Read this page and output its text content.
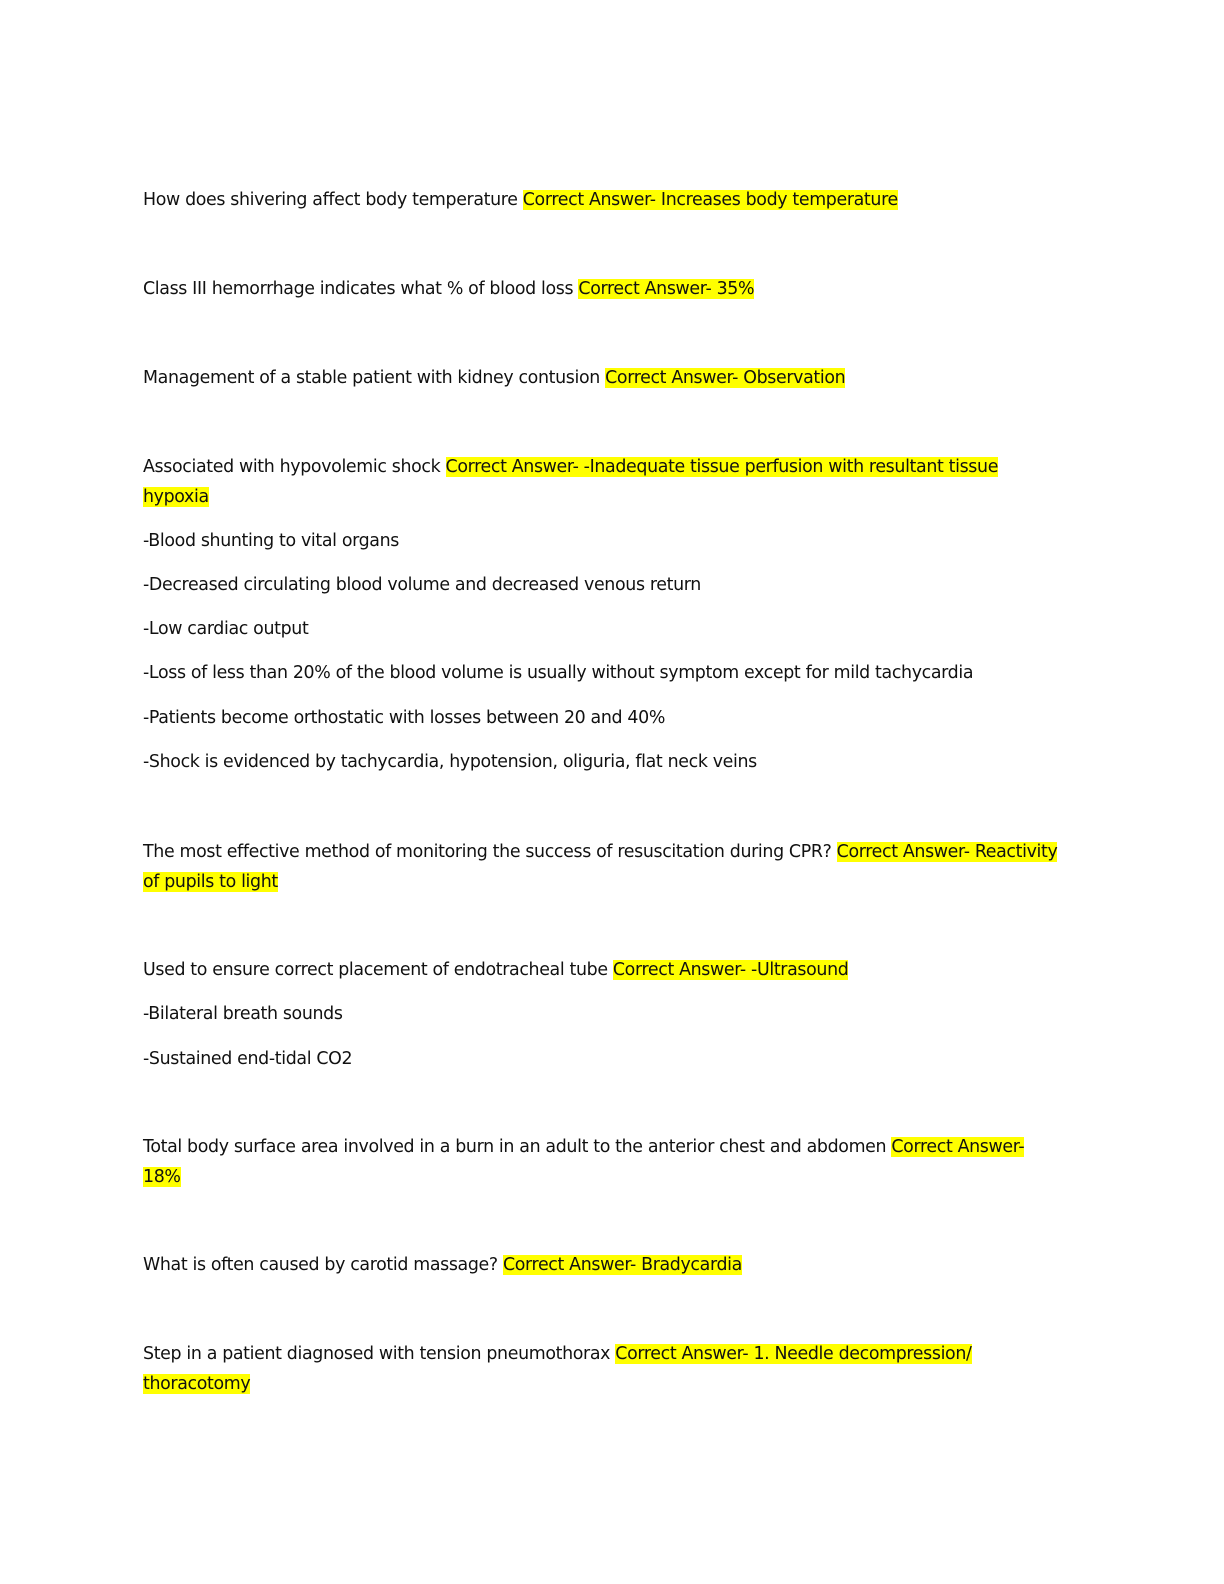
How does shivering affect body temperature Correct Answer- Increases body temperature

Class III hemorrhage indicates what % of blood loss Correct Answer- 35%

Management of a stable patient with kidney contusion Correct Answer- Observation

Associated with hypovolemic shock Correct Answer- -Inadequate tissue perfusion with resultant tissue hypoxia

-Blood shunting to vital organs

-Decreased circulating blood volume and decreased venous return

-Low cardiac output

-Loss of less than 20% of the blood volume is usually without symptom except for mild tachycardia

-Patients become orthostatic with losses between 20 and 40%

-Shock is evidenced by tachycardia, hypotension, oliguria, flat neck veins

The most effective method of monitoring the success of resuscitation during CPR? Correct Answer- Reactivity of pupils to light

Used to ensure correct placement of endotracheal tube Correct Answer- -Ultrasound

-Bilateral breath sounds

-Sustained end-tidal CO2

Total body surface area involved in a burn in an adult to the anterior chest and abdomen Correct Answer- 18%

What is often caused by carotid massage? Correct Answer- Bradycardia

Step in a patient diagnosed with tension pneumothorax Correct Answer- 1. Needle decompression/ thoracotomy
